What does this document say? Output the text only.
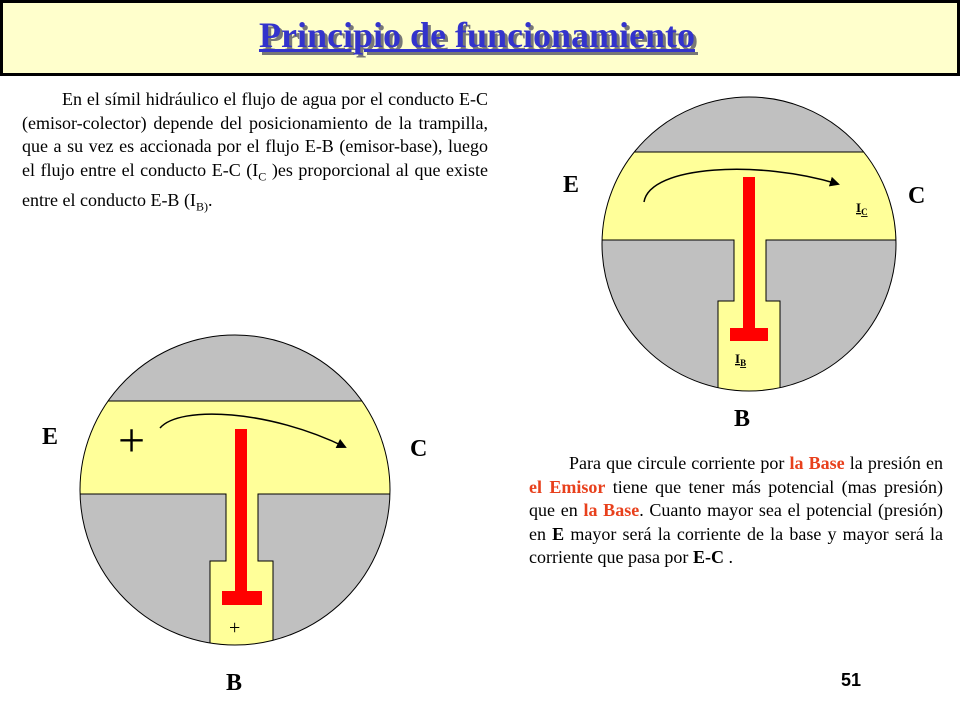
Principio de funcionamiento
En el símil hidráulico el flujo de agua por el conducto E-C (emisor-colector) depende del posicionamiento de la trampilla, que a su vez es accionada por el flujo E-B (emisor-base), luego el flujo entre el conducto E-C ($I_C$ )es proporcional al que existe entre el conducto E-B ($I_{B)}$.
Para que circule corriente por la Base la presión en el Emisor tiene que tener más potencial (mas presión) que en la Base. Cuanto mayor sea el potencial (presión) en E mayor será la corriente de la base y mayor será la corriente que pasa por E-C .
E	C
B
$I_C$
$I_B$
E	C
B
+
+
51
